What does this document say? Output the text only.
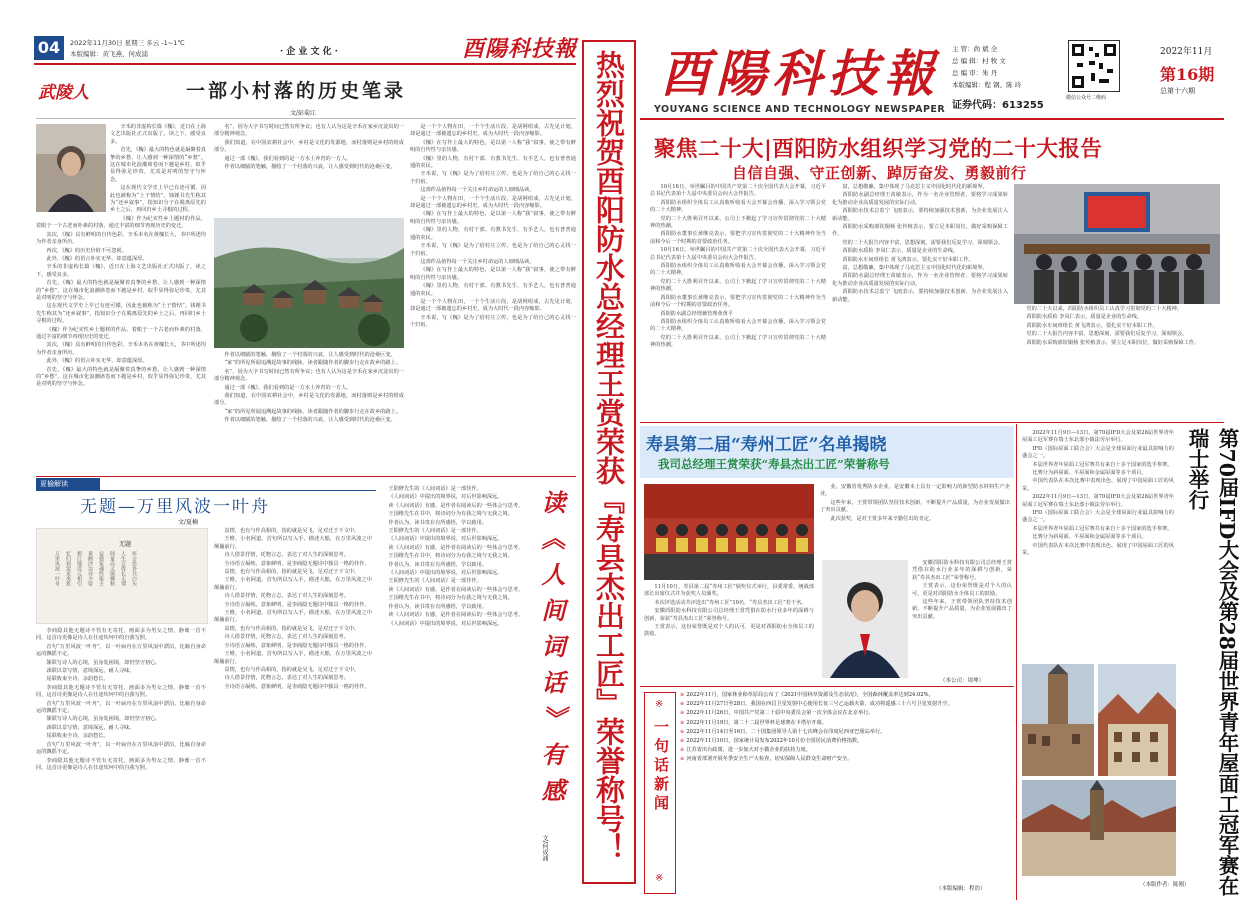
04	2022年11月30日 星期三 多云 -1~1℃
本版编辑：黄飞燕、何成浦	· 企 业 文 化 ·	酉陽科技報
武陵人	一部小村落的历史笔录
文/彭菊江

辛禾的非虚构长篇《槐》，近日在上海文艺出版社正式出版了。读之下，感受良多。

首先，《槐》最大的特色就是凝聚着真挚的乡愁，让人感到一种深情的“乡愁”。这在城市化浪潮席卷而下越是乡村，似乎显得弥足珍贵，尤其是对明的坚守与怀念。

这在现代文学史上早已有迹可循，因此也被称为“土子情结”。钱锺书先生称其为“还乡叙事”，指知识分子在脱离原先的乡土之后，再回归乡土寻根的过程。

《槐》作为纪实性乡土题材的作品，着眼于一个古老而朴素的村落，通过丰富的细节再现历史的变迁。

其次，《槐》具有鲜明的自传色彩。辛禾本名在黄槐长大，书中所述均为作者亲身所历。

再次，《槐》的历史价值不可忽视。

此外，《槐》的语言朴实无华，却意蕴深厚。

辛禾的非虚构长篇《槐》，近日在上海文艺出版社正式出版了。读之下，感受良多。

首先，《槐》最大的特色就是凝聚着真挚的乡愁，让人感到一种深情的“乡愁”。这在城市化浪潮席卷而下越是乡村，似乎显得弥足珍贵，尤其是对明的坚守与怀念。

这在现代文学史上早已有迹可循，因此也被称为“土子情结”。钱锺书先生称其为“还乡叙事”，指知识分子在脱离原先的乡土之后，再回归乡土寻根的过程。

《槐》作为纪实性乡土题材的作品，着眼于一个古老而朴素的村落，通过丰富的细节再现历史的变迁。

其次，《槐》具有鲜明的自传色彩。辛禾本名在黄槐长大，书中所述均为作者亲身所历。

此外，《槐》的语言朴实无华，却意蕴深厚。

首先，《槐》最大的特色就是凝聚着真挚的乡愁，让人感到一种深情的“乡愁”。这在城市化浪潮席卷而下越是乡村，似乎显得弥足珍贵，尤其是对明的坚守与怀念。

名”，因为大字书写时间已然有所争议；也有人认为这是辛禾在家乡沉淀出的一部分精神观念。

我们知道，在中国农耕社会中，乡村是文化的发源地，而村落则是乡村的组成部分。

通过一部《槐》，我们看到的是一方水土养育的一方人。

作者以细腻的笔触，描绘了一个村落的兴衰，让人感受到时代的沧桑巨变。

作者以细腻的笔触，描绘了一个村落的兴衰，让人感受到时代的沧桑巨变。

“家”的所见所闻追溯起故事的线脉，读者跟随作者的脚步行走在故乡的路上。

名”，因为大字书写时间已然有所争议；也有人认为这是辛禾在家乡沉淀出的一部分精神观念。

通过一部《槐》，我们看到的是一方水土养育的一方人。

我们知道，在中国农耕社会中，乡村是文化的发源地，而村落则是乡村的组成部分。

“家”的所见所闻追溯起故事的线脉，读者跟随作者的脚步行走在故乡的路上。

作者以细腻的笔触，描绘了一个村落的兴衰，让人感受到时代的沧桑巨变。

是一个个人物在田，一个个生活片段，是胡网组成，古先见计划，却是通过一部被遗忘的乡村史，成为大时代一段内容缩影。

《槐》在写作上最大的特色，是以第一人称“我”叙事，使之带有鲜明的自传性与亲历感。

《槐》里的人物，有村干部、有教书先生、有手艺人，也有普普通通的农民。

辛禾说，写《槐》是为了给村庄立传，也是为了给自己的心灵找一个归宿。

这部作品值得每一个关注乡村命运的人细细品读。

是一个个人物在田，一个个生活片段，是胡网组成，古先见计划，却是通过一部被遗忘的乡村史，成为大时代一段内容缩影。

《槐》在写作上最大的特色，是以第一人称“我”叙事，使之带有鲜明的自传性与亲历感。

《槐》里的人物，有村干部、有教书先生、有手艺人，也有普普通通的农民。

辛禾说，写《槐》是为了给村庄立传，也是为了给自己的心灵找一个归宿。

这部作品值得每一个关注乡村命运的人细细品读。

《槐》在写作上最大的特色，是以第一人称“我”叙事，使之带有鲜明的自传性与亲历感。

《槐》里的人物，有村干部、有教书先生、有手艺人，也有普普通通的农民。

是一个个人物在田，一个个生活片段，是胡网组成，古先见计划，却是通过一部被遗忘的乡村史，成为大时代一段内容缩影。

辛禾说，写《槐》是为了给村庄立传，也是为了给自己的心灵找一个归宿。

夏榆解读
无题—万里风波一叶舟
文/夏楠
无题
怀古思乡共白头
人生岂得长无谓
阿童高义镇横秋
益德冤魂终报主
黄鹤沙边亦少留
碧江地没元相引
忆归初罢更夷犹
万里风波一叶舟

李商隐其他无题诗不管有无寄托，画面多为男女之情，静谧一首不同，这首诗更像是诗人在仕途坎坷中的自我写照。

首句“万里风波一叶舟”，以一叶扁舟在万里风浪中漂泊，比喻自身命运的飘摇不定。

颔联写诗人的心境，虽身处困境，却仍坚守初心。

颈联以景写情，意境深远，耐人寻味。

尾联收束全诗，余韵悠长。

李商隐其他无题诗不管有无寄托，画面多为男女之情，静谧一首不同，这首诗更像是诗人在仕途坎坷中的自我写照。

首句“万里风波一叶舟”，以一叶扁舟在万里风浪中漂泊，比喻自身命运的飘摇不定。

颔联写诗人的心境，虽身处困境，却仍坚守初心。

颈联以景写情，意境深远，耐人寻味。

尾联收束全诗，余韵悠长。

首句“万里风波一叶舟”，以一叶扁舟在万里风浪中漂泊，比喻自身命运的飘摇不定。

李商隐其他无题诗不管有无寄托，画面多为男女之情，静谧一首不同，这首诗更像是诗人在仕途坎坷中的自我写照。

益情，也有与作高相的，指的就是吴飞，足对迁于下文中。

王维，小名阿道。首句所以写入手，描述大船，在万里风波之中颠簸前行。

诗人借景抒情，托物言志，表达了对人生的深刻思考。

全诗语言凝练，意象鲜明，是李商隐无题诗中独具一格的佳作。

益情，也有与作高相的，指的就是吴飞，足对迁于下文中。

王维，小名阿道。首句所以写入手，描述大船，在万里风波之中颠簸前行。

诗人借景抒情，托物言志，表达了对人生的深刻思考。

全诗语言凝练，意象鲜明，是李商隐无题诗中独具一格的佳作。

王维，小名阿道。首句所以写入手，描述大船，在万里风波之中颠簸前行。

益情，也有与作高相的，指的就是吴飞，足对迁于下文中。

诗人借景抒情，托物言志，表达了对人生的深刻思考。

全诗语言凝练，意象鲜明，是李商隐无题诗中独具一格的佳作。

王维，小名阿道。首句所以写入手，描述大船，在万里风波之中颠簸前行。

益情，也有与作高相的，指的就是吴飞，足对迁于下文中。

诗人借景抒情，托物言志，表达了对人生的深刻思考。

全诗语言凝练，意象鲜明，是李商隐无题诗中独具一格的佳作。

王阳修先生的《人间词话》是一部佳作。

《人间词话》中提出的境界说，对后世影响深远。

读《人间词话》有感，是作者在阅读后的一些体会与思考。

王国维先生在书中，将诗词分为有我之境与无我之境。

作者认为，读书贵在有所感悟，学以致用。

王阳修先生的《人间词话》是一部佳作。

《人间词话》中提出的境界说，对后世影响深远。

读《人间词话》有感，是作者在阅读后的一些体会与思考。

王国维先生在书中，将诗词分为有我之境与无我之境。

作者认为，读书贵在有所感悟，学以致用。

《人间词话》中提出的境界说，对后世影响深远。

王阳修先生的《人间词话》是一部佳作。

读《人间词话》有感，是作者在阅读后的一些体会与思考。

王国维先生在书中，将诗词分为有我之境与无我之境。

作者认为，读书贵在有所感悟，学以致用。

读《人间词话》有感，是作者在阅读后的一些体会与思考。

《人间词话》中提出的境界说，对后世影响深远。	读《人间词话》有感
文/何成浦 热烈祝贺酉阳防水总经理王赏荣获『寿县杰出工匠』荣誉称号！ 酉陽科技報
YOUYANG SCIENCE AND TECHNOLOGY NEWSPAPER
主 管：尚 斌 全
总 编 辑：村 牧 文
总 编 审：朱 丹
本版编辑：程 钢、陈 玲
证券代码：613255
微信公众号二维码
2022年11月
第16期
总第十六期
聚焦二十大|酉阳防水组织学习党的二十大报告
自信自强、守正创新、踔厉奋发、勇毅前行

10月16日，举世瞩目的中国共产党第二十次全国代表大会开幕，习近平总书记代表第十九届中央委员会向大会作报告。

酉阳防水组织全体员工认真收听收看大会开幕会直播，深入学习领会党的二十大精神。

党的二十大胜利召开以来，公司上下掀起了学习宣传贯彻党的二十大精神的热潮。

酉阳防水董事长黄继亮表示，要把学习宣传贯彻党的二十大精神作为当前和今后一个时期的首要政治任务。

10月16日，举世瞩目的中国共产党第二十次全国代表大会开幕，习近平总书记代表第十九届中央委员会向大会作报告。

酉阳防水组织全体员工认真收听收看大会开幕会直播，深入学习领会党的二十大精神。

党的二十大胜利召开以来，公司上下掀起了学习宣传贯彻党的二十大精神的热潮。

酉阳防水董事长黄继亮表示，要把学习宣传贯彻党的二十大精神作为当前和今后一个时期的首要政治任务。

酉阳防水副总经理兼管理黄黄平

酉阳防水组织全体员工认真收听收看大会开幕会直播，深入学习领会党的二十大精神。

党的二十大胜利召开以来，公司上下掀起了学习宣传贯彻党的二十大精神的热潮。

富，总想敬廉，集中体现了马克思主义中国化时代化的新境界。

酉阳防水副总经理王苗敏表示，作为一名企业管理者，要将学习成果转化为推动企业高质量发展的实际行动。

酉阳防水技术总监宁 飞雨表示，要持续加强技术创新，为企业发展注入新动能。

酉阳防水采购部钦铜杨 张传植表示，要立足本职岗位，做好采购保障工作。

党的二十大报告内容丰富，思想深刻，需要我们反复学习，深刻领会。

酉阳防水质检 李凤仁表示，质量是企业的生命线。

酉阳防水车间班组长 黄飞鸿表示，要扎实干好本职工作。

富，总想敬廉，集中体现了马克思主义中国化时代化的新境界。

酉阳防水副总经理王苗敏表示，作为一名企业管理者，要将学习成果转化为推动企业高质量发展的实际行动。

酉阳防水技术总监宁 飞雨表示，要持续加强技术创新，为企业发展注入新动能。

党的二十大以来，酉阳防水组织员工认真学习贯彻党的二十大精神。

酉阳防水质检 李凤仁表示，质量是企业的生命线。

酉阳防水车间班组长 黄飞鸿表示，要扎实干好本职工作。

党的二十大报告内容丰富，思想深刻，需要我们反复学习，深刻领会。

酉阳防水采购部钦铜杨 张传植表示，要立足本职岗位，做好采购保障工作。

寿县第二届“寿州工匠”名单揭晓
我司总经理王赏荣获“寿县杰出工匠”荣誉称号

11月10日，寿县第二届“寿州工匠”颁奖仪式举行，县委常委、统战部部长出席仪式并为获奖人员颁奖。

本次评选活动共评选出“寿州工匠”10名，“寿县杰出工匠”若干名。

安徽酉阳防水科技有限公司总经理王赏凭借在防水行业多年的深耕与创新，荣获“寿县杰出工匠”荣誉称号。

王赏表示，这份荣誉既是对个人的认可，更是对酉阳防水全体员工的鼓励。

业，安徽省优秀防水企业，是安徽本土具有一定影响力的新型防水材料生产企业。

这些年来，王赏带领团队坚持技术创新，不断提升产品质量，为企业发展做出了突出贡献。

此次获奖，是对王赏多年来辛勤付出的肯定。

安徽酉阳防水科技有限公司总经理王赏凭借在防水行业多年的深耕与创新，荣获“寿县杰出工匠”荣誉称号。

王赏表示，这份荣誉既是对个人的认可，更是对酉阳防水全体员工的鼓励。

这些年来，王赏带领团队坚持技术创新，不断提升产品质量，为企业发展做出了突出贡献。

（本公司：周坤）
※
一句话新闻
※
※ 2022年11月，国家林业和草原局公布了《2021中国林草资源及生态状况》，全国森林覆盖率达到24.02%。
※ 2022年11月27日至28日，我国在西昌卫星发射中心使用长征三号乙运载火箭，成功将遥感三十六号卫星发射升空。
※ 2022年11月26日，中国共产党第二十届中央委员会第一次全体会议在北京举行。
※ 2022年11月19日，第二十二届世界杯足球赛在卡塔尔开幕。
※ 2022年11月14日至16日，二十国集团领导人第十七次峰会在印度尼西亚巴厘岛举行。
※ 2022年11月10日，国家统计局发布2022年10月份全国居民消费价格指数。
※ 江苏省出台政策，进一步加大对小微企业的扶持力度。
※ 河南省部署开展冬季安全生产大检查，切实保障人民群众生命财产安全。
（本版编辑：程浩）

2022年11月9日—13日，第70届IFD大会及第28届世界青年屋面工冠军赛在瑞士东北部小镇法劳尔举行。

IFD（国际屋面工联合会）大会是全球屋面行业最具影响力的盛会之一。

本届世界青年屋面工冠军赛共有来自十多个国家的选手参赛。

比赛分为斜屋面、平屋面和金属屋面等多个项目。

中国代表队在本次比赛中表现出色，展现了中国屋面工匠的风采。

2022年11月9日—13日，第70届IFD大会及第28届世界青年屋面工冠军赛在瑞士东北部小镇法劳尔举行。

IFD（国际屋面工联合会）大会是全球屋面行业最具影响力的盛会之一。

本届世界青年屋面工冠军赛共有来自十多个国家的选手参赛。

比赛分为斜屋面、平屋面和金属屋面等多个项目。

中国代表队在本次比赛中表现出色，展现了中国屋面工匠的风采。	第70届IFD大会及第28届世界青年屋面工冠军赛在瑞士举行
（本版作者：陈刚）
